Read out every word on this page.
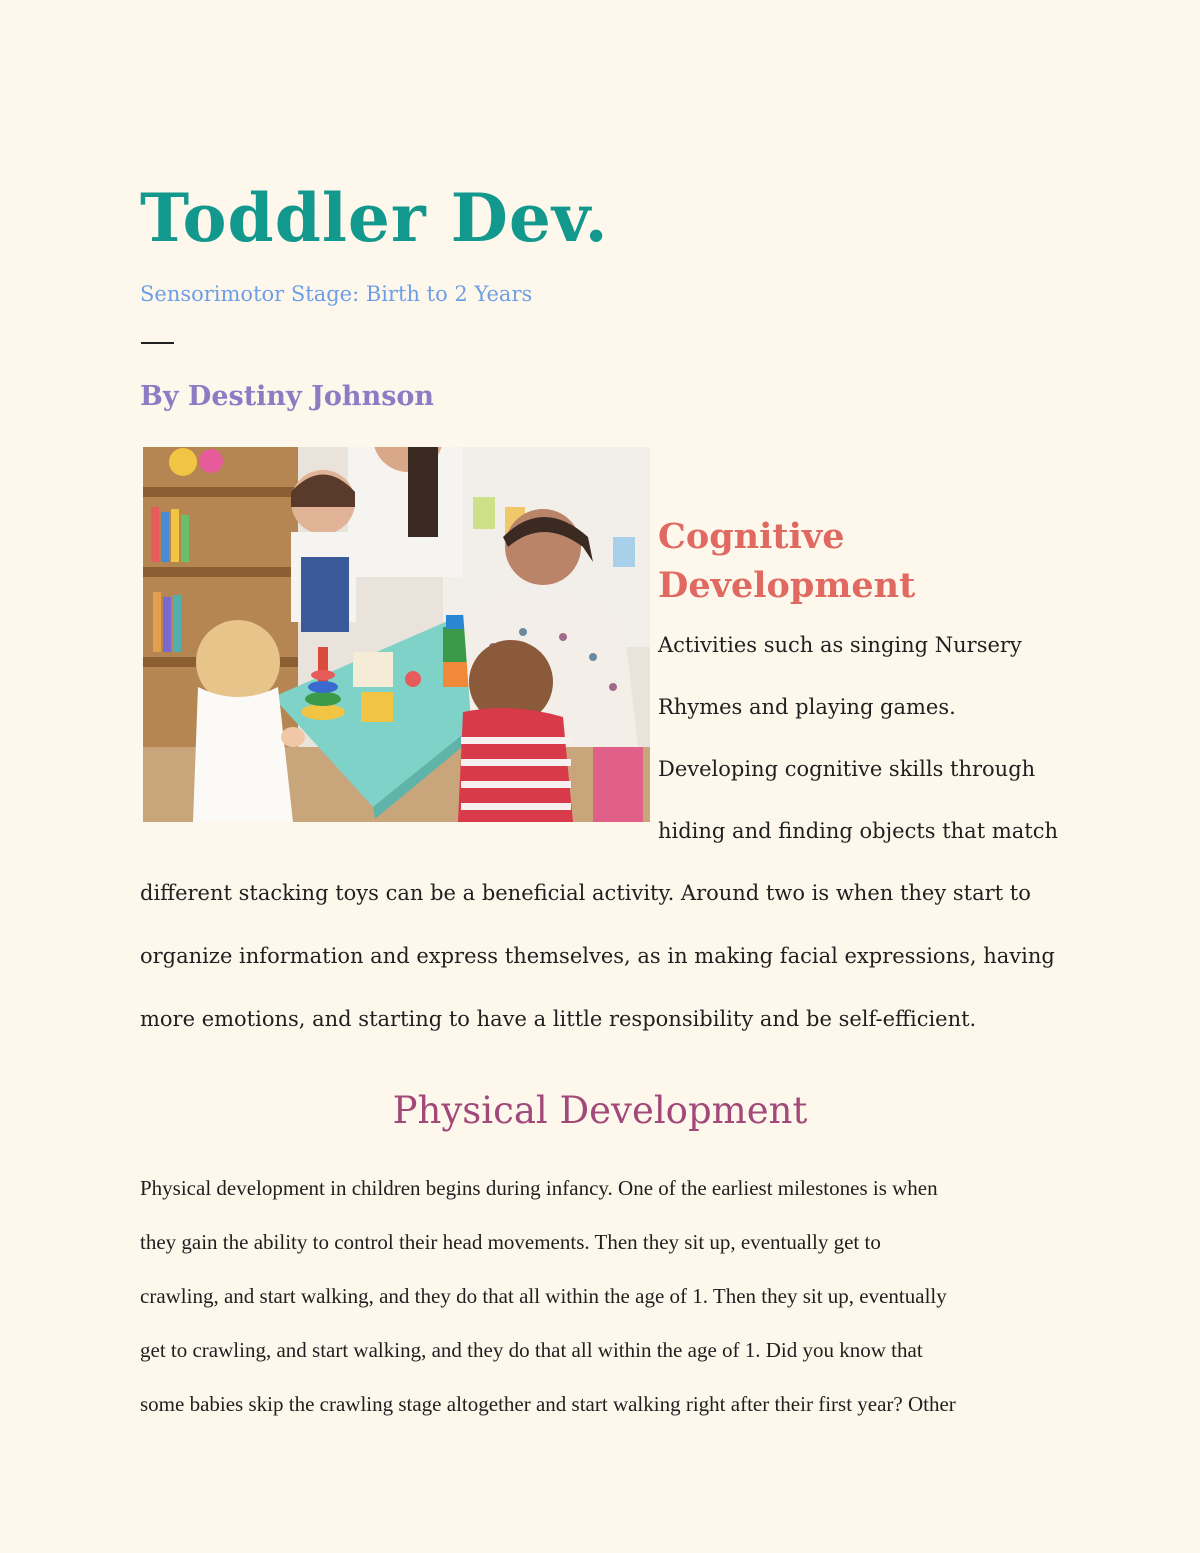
Toddler Dev.
Sensorimotor Stage: Birth to 2 Years
By Destiny Johnson
Cognitive Development
Activities such as singing Nursery
Rhymes and playing games.
Developing cognitive skills through
hiding and finding objects that match
different stacking toys can be a beneficial activity. Around two is when they start to
organize information and express themselves, as in making facial expressions, having
more emotions, and starting to have a little responsibility and be self-efficient.
Physical Development
Physical development in children begins during infancy. One of the earliest milestones is when
they gain the ability to control their head movements. Then they sit up, eventually get to
crawling, and start walking, and they do that all within the age of 1. Then they sit up, eventually
get to crawling, and start walking, and they do that all within the age of 1. Did you know that
some babies skip the crawling stage altogether and start walking right after their first year? Other
